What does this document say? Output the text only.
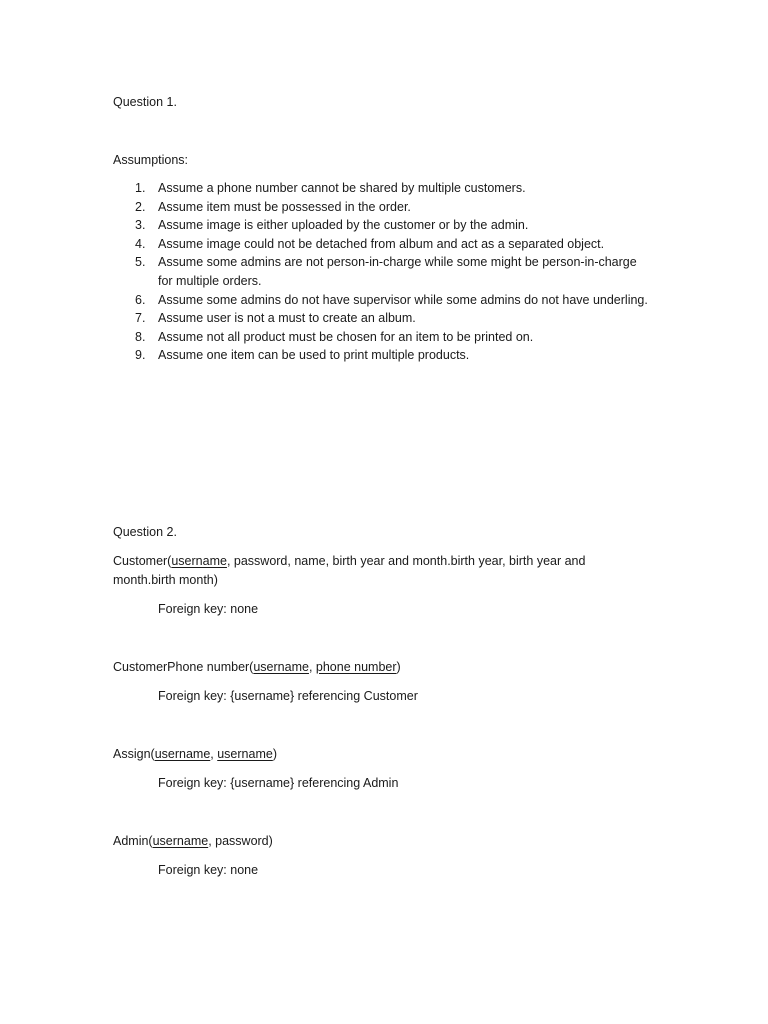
Question 1.
Assumptions:
1. Assume a phone number cannot be shared by multiple customers.
2. Assume item must be possessed in the order.
3. Assume image is either uploaded by the customer or by the admin.
4. Assume image could not be detached from album and act as a separated object.
5. Assume some admins are not person-in-charge while some might be person-in-charge
for multiple orders.
6. Assume some admins do not have supervisor while some admins do not have underling.
7. Assume user is not a must to create an album.
8. Assume not all product must be chosen for an item to be printed on.
9. Assume one item can be used to print multiple products.
Question 2.
Customer(username, password, name, birth year and month.birth year, birth year and
month.birth month)
Foreign key: none
CustomerPhone number(username, phone number)
Foreign key: {username} referencing Customer
Assign(username, username)
Foreign key: {username} referencing Admin
Admin(username, password)
Foreign key: none
